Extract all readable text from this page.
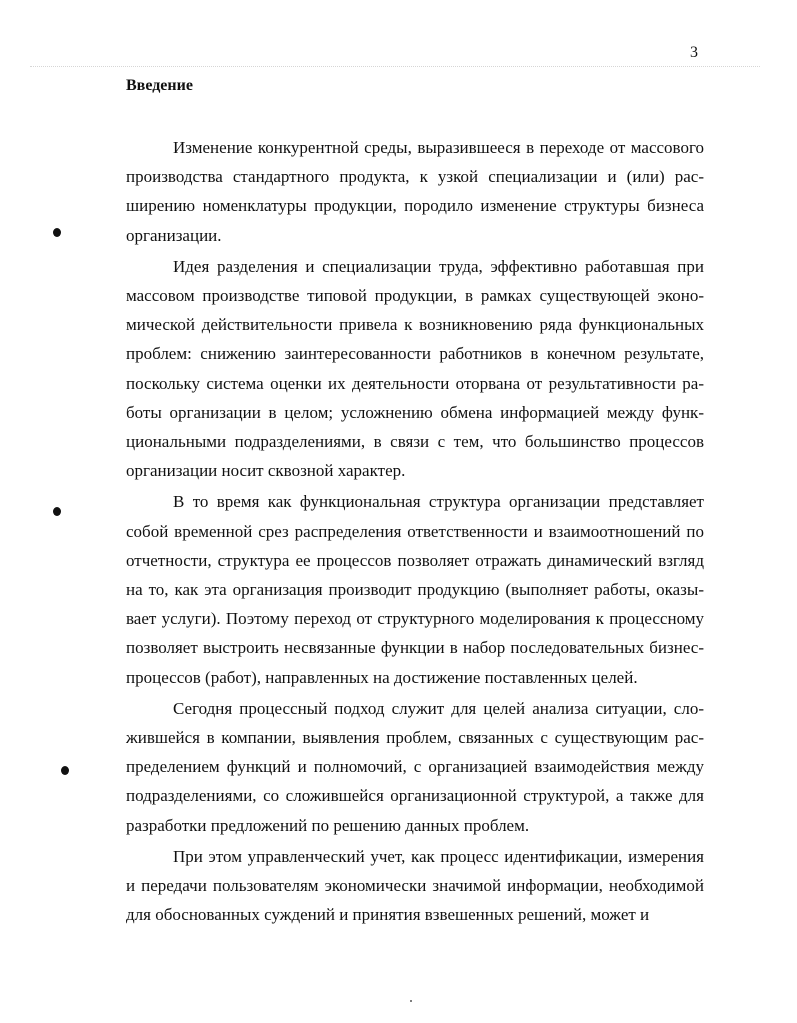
3
Введение

Изменение конкурентной среды, выразившееся в переходе от массового производства стандартного продукта, к узкой специализации и (или) расширению номенклатуры продукции, породило изменение структуры бизнеса организации.

Идея разделения и специализации труда, эффективно работавшая при массовом производстве типовой продукции, в рамках существующей экономической действительности привела к возникновению ряда функциональных проблем: снижению заинтересованности работников в конечном результате, поскольку система оценки их деятельности оторвана от результативности работы организации в целом; усложнению обмена информацией между функциональными подразделениями, в связи с тем, что большинство процессов организации носит сквозной характер.

В то время как функциональная структура организации представляет собой временной срез распределения ответственности и взаимоотношений по отчетности, структура ее процессов позволяет отражать динамический взгляд на то, как эта организация производит продукцию (выполняет работы, оказывает услуги). Поэтому переход от структурного моделирования к процессному позволяет выстроить несвязанные функции в набор последовательных бизнес-процессов (работ), направленных на достижение поставленных целей.

Сегодня процессный подход служит для целей анализа ситуации, сложившейся в компании, выявления проблем, связанных с существующим распределением функций и полномочий, с организацией взаимодействия между подразделениями, со сложившейся организационной структурой, а также для разработки предложений по решению данных проблем.

При этом управленческий учет, как процесс идентификации, измерения и передачи пользователям экономически значимой информации, необходимой для обоснованных суждений и принятия взвешенных решений, может и
